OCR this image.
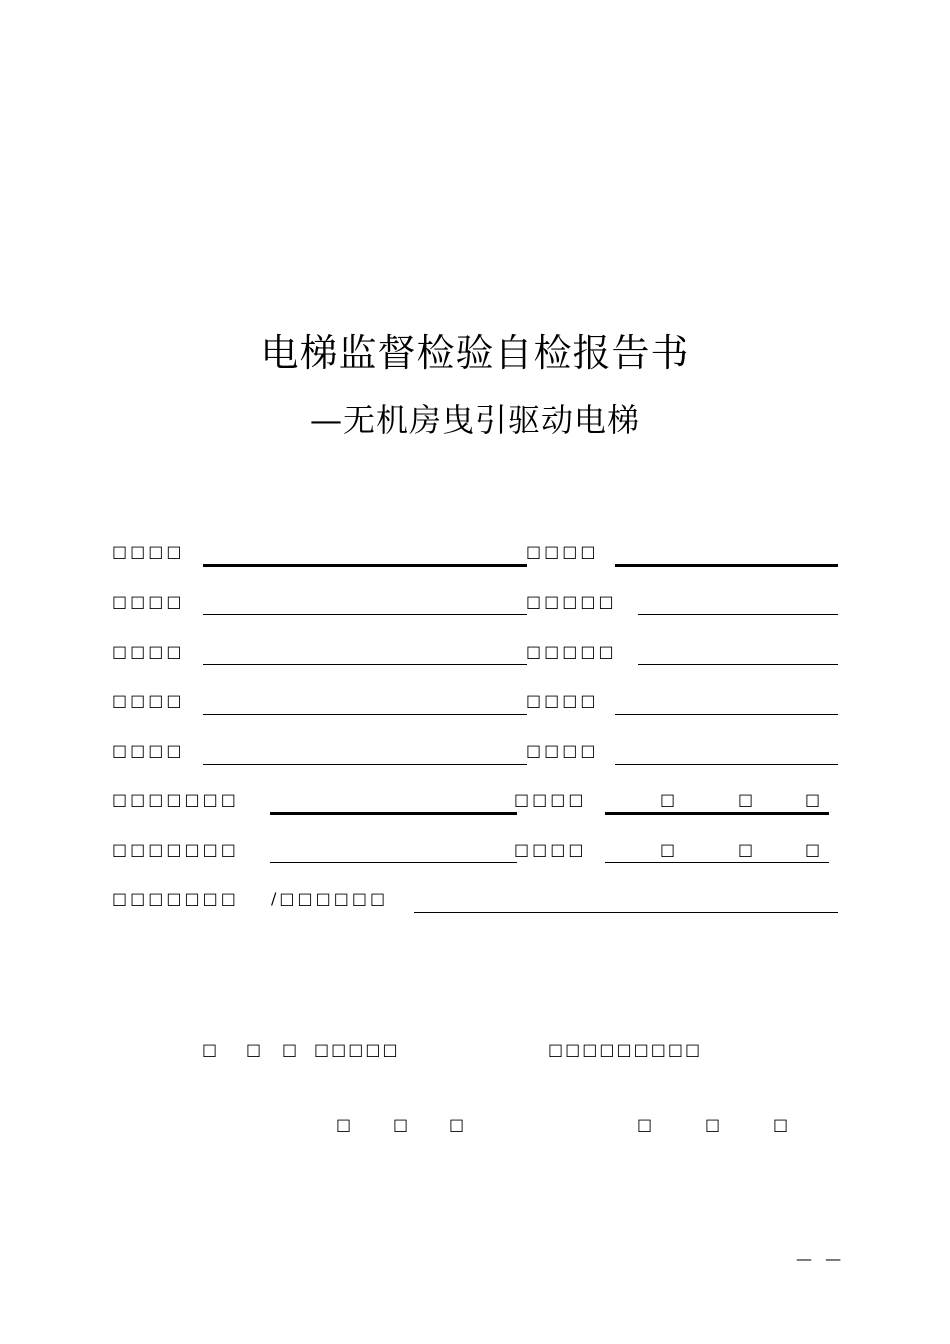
电梯监督检验自检报告书
—无机房曳引驱动电梯
□□□□	□□□□
□□□□	□□□□□
□□□□	□□□□□
□□□□	□□□□
□□□□	□□□□
□□□□□□□	□□□□	□	□	□
□□□□□□□	□□□□	□	□	□
□□□□□□□ /□□□□□□
□ □ □ □□□□□	□□□□□□□□□
□	□	□	□	□	□
— —
